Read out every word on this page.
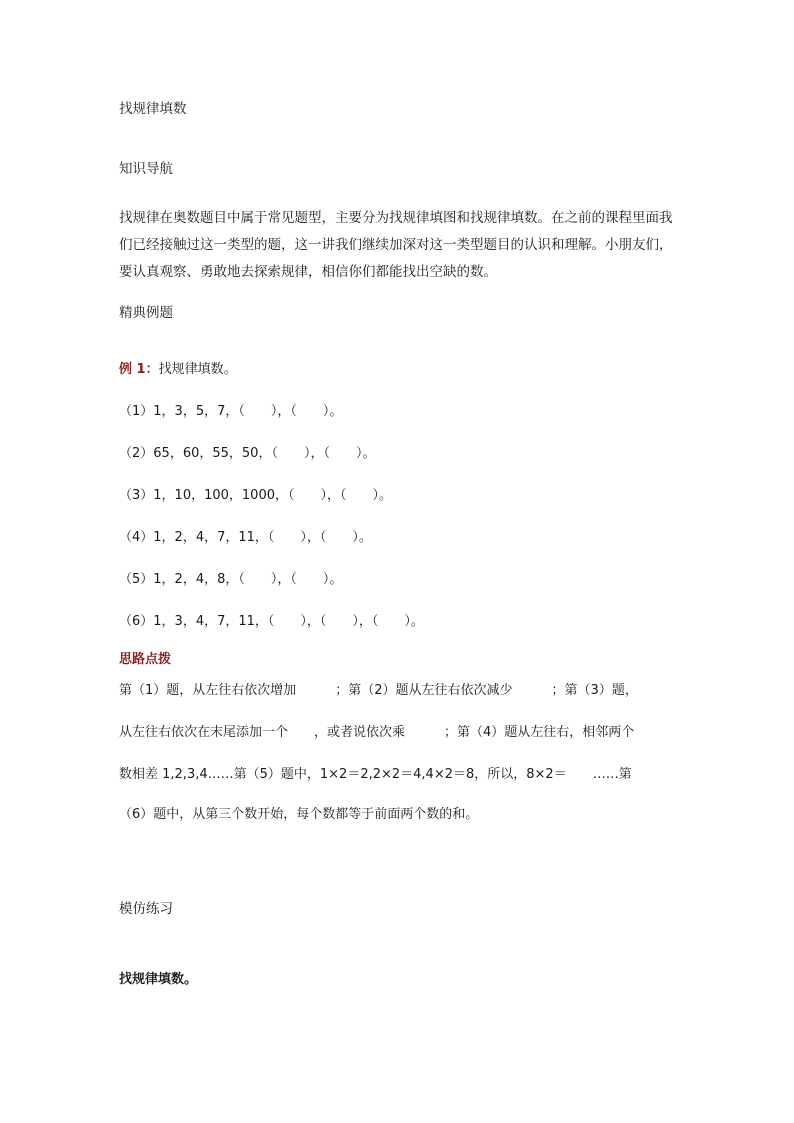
找规律填数
知识导航
找规律在奥数题目中属于常见题型，主要分为找规律填图和找规律填数。在之前的课程里面我们已经接触过这一类型的题，这一讲我们继续加深对这一类型题目的认识和理解。小朋友们，要认真观察、勇敢地去探索规律，相信你们都能找出空缺的数。
精典例题
例 1：找规律填数。
（1）1，3，5，7，（　　），（　　）。
（2）65，60，55，50，（　　），（　　）。
（3）1，10，100，1000，（　　），（　　）。
（4）1，2，4，7，11，（　　），（　　）。
（5）1，2，4，8，（　　），（　　）。
（6）1，3，4，7，11，（　　），（　　），（　　）。
思路点拨
第（1）题，从左往右依次增加　　　；第（2）题从左往右依次减少　　　；第（3）题，
从左往右依次在末尾添加一个　　，或者说依次乘　　　；第（4）题从左往右，相邻两个
数相差 1,2,3,4……第（5）题中，1×2＝2,2×2＝4,4×2＝8，所以，8×2＝　　……第
（6）题中，从第三个数开始，每个数都等于前面两个数的和。
模仿练习
找规律填数。
